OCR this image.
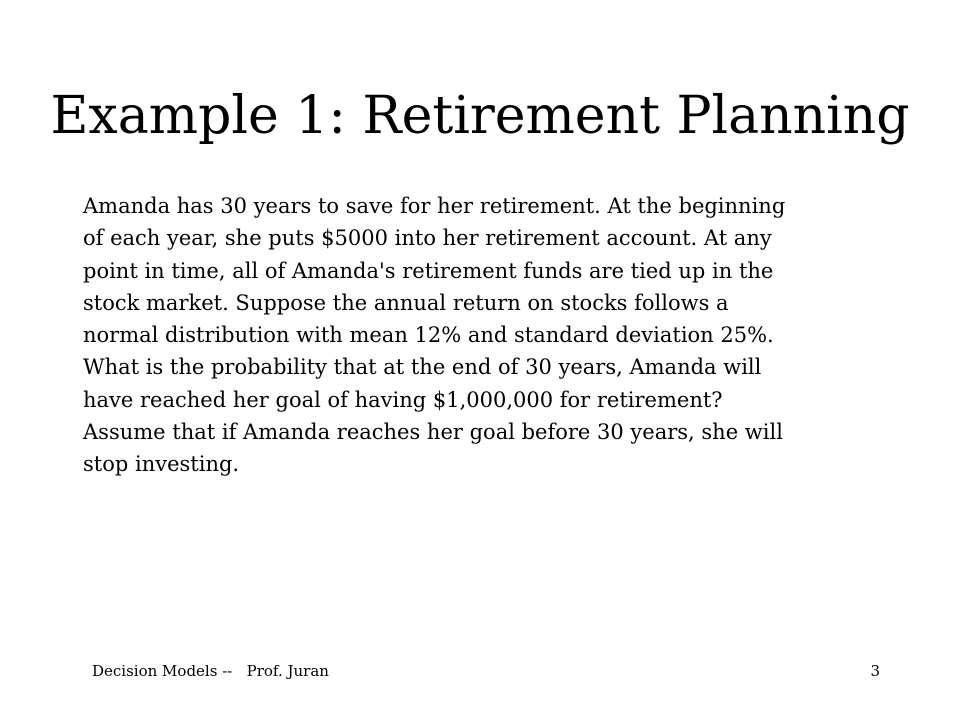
Example 1: Retirement Planning

Amanda has 30 years to save for her retirement. At the beginning
of each year, she puts $5000 into her retirement account. At any
point in time, all of Amanda's retirement funds are tied up in the
stock market. Suppose the annual return on stocks follows a
normal distribution with mean 12% and standard deviation 25%.
What is the probability that at the end of 30 years, Amanda will
have reached her goal of having $1,000,000 for retirement?
Assume that if Amanda reaches her goal before 30 years, she will
stop investing.

Decision Models --   Prof. Juran	3
